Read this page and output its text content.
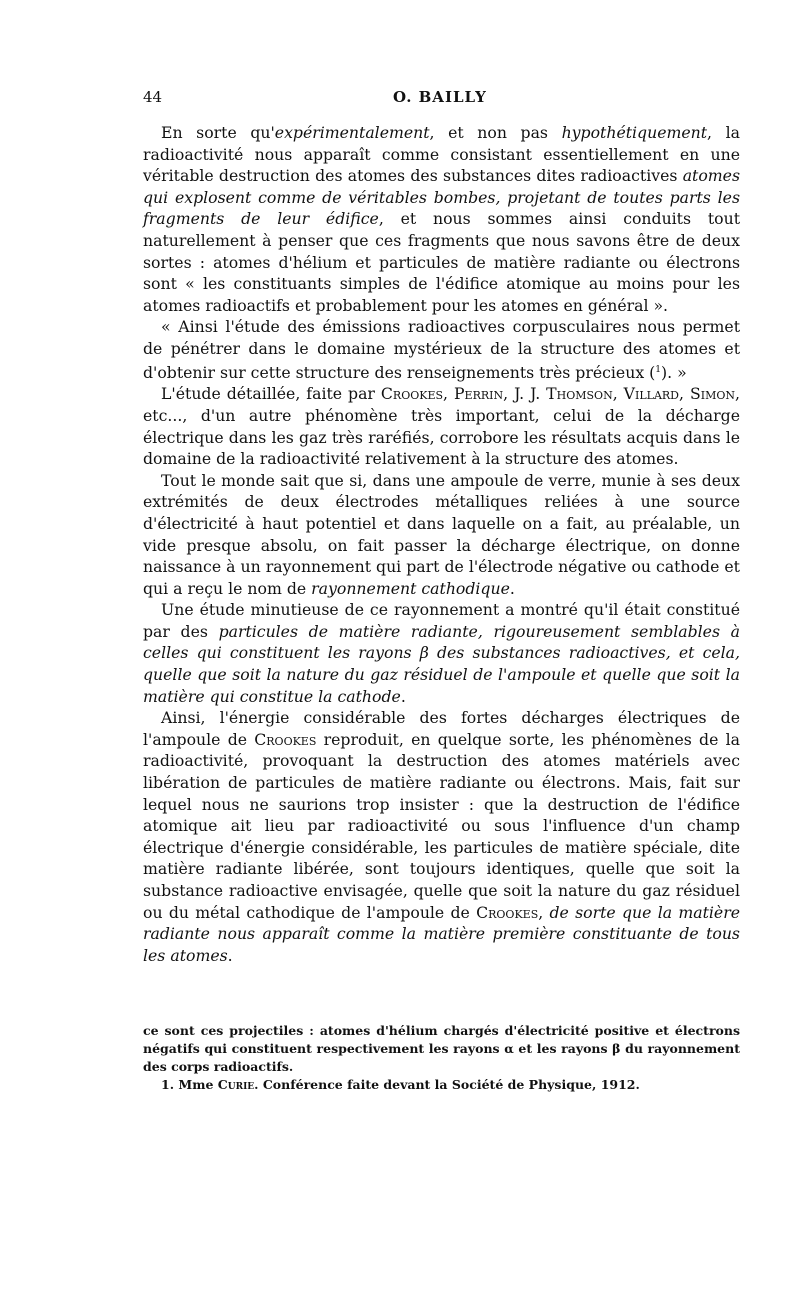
44	O. BAILLY

En sorte qu'expérimentalement, et non pas hypothétiquement, la radioactivité nous apparaît comme consistant essentiellement en une véritable destruction des atomes des substances dites radioactives atomes qui explosent comme de véritables bombes, projetant de toutes parts les fragments de leur édifice, et nous sommes ainsi conduits tout naturellement à penser que ces fragments que nous savons être de deux sortes : atomes d'hélium et particules de matière radiante ou électrons sont « les constituants simples de l'édifice atomique au moins pour les atomes radioactifs et probablement pour les atomes en général ».

« Ainsi l'étude des émissions radioactives corpusculaires nous permet de pénétrer dans le domaine mystérieux de la structure des atomes et d'obtenir sur cette structure des renseignements très précieux ($^1$). »

L'étude détaillée, faite par Crookes, Perrin, J. J. Thomson, Villard, Simon, etc..., d'un autre phénomène très important, celui de la décharge électrique dans les gaz très raréfiés, corrobore les résultats acquis dans le domaine de la radioactivité relativement à la structure des atomes.

Tout le monde sait que si, dans une ampoule de verre, munie à ses deux extrémités de deux électrodes métalliques reliées à une source d'électricité à haut potentiel et dans laquelle on a fait, au préalable, un vide presque absolu, on fait passer la décharge électrique, on donne naissance à un rayonnement qui part de l'électrode négative ou cathode et qui a reçu le nom de rayonnement cathodique.

Une étude minutieuse de ce rayonnement a montré qu'il était constitué par des particules de matière radiante, rigoureusement semblables à celles qui constituent les rayons β des substances radioactives, et cela, quelle que soit la nature du gaz résiduel de l'ampoule et quelle que soit la matière qui constitue la cathode.

Ainsi, l'énergie considérable des fortes décharges électriques de l'ampoule de Crookes reproduit, en quelque sorte, les phénomènes de la radioactivité, provoquant la destruction des atomes matériels avec libération de particules de matière radiante ou électrons. Mais, fait sur lequel nous ne saurions trop insister : que la destruction de l'édifice atomique ait lieu par radioactivité ou sous l'influence d'un champ électrique d'énergie considérable, les particules de matière spéciale, dite matière radiante libérée, sont toujours identiques, quelle que soit la substance radioactive envisagée, quelle que soit la nature du gaz résiduel ou du métal cathodique de l'ampoule de Crookes, de sorte que la matière radiante nous apparaît comme la matière première constituante de tous les atomes.

ce sont ces projectiles : atomes d'hélium chargés d'électricité positive et électrons négatifs qui constituent respectivement les rayons α et les rayons β du rayonnement des corps radioactifs.

1. Mme Curie. Conférence faite devant la Société de Physique, 1912.
